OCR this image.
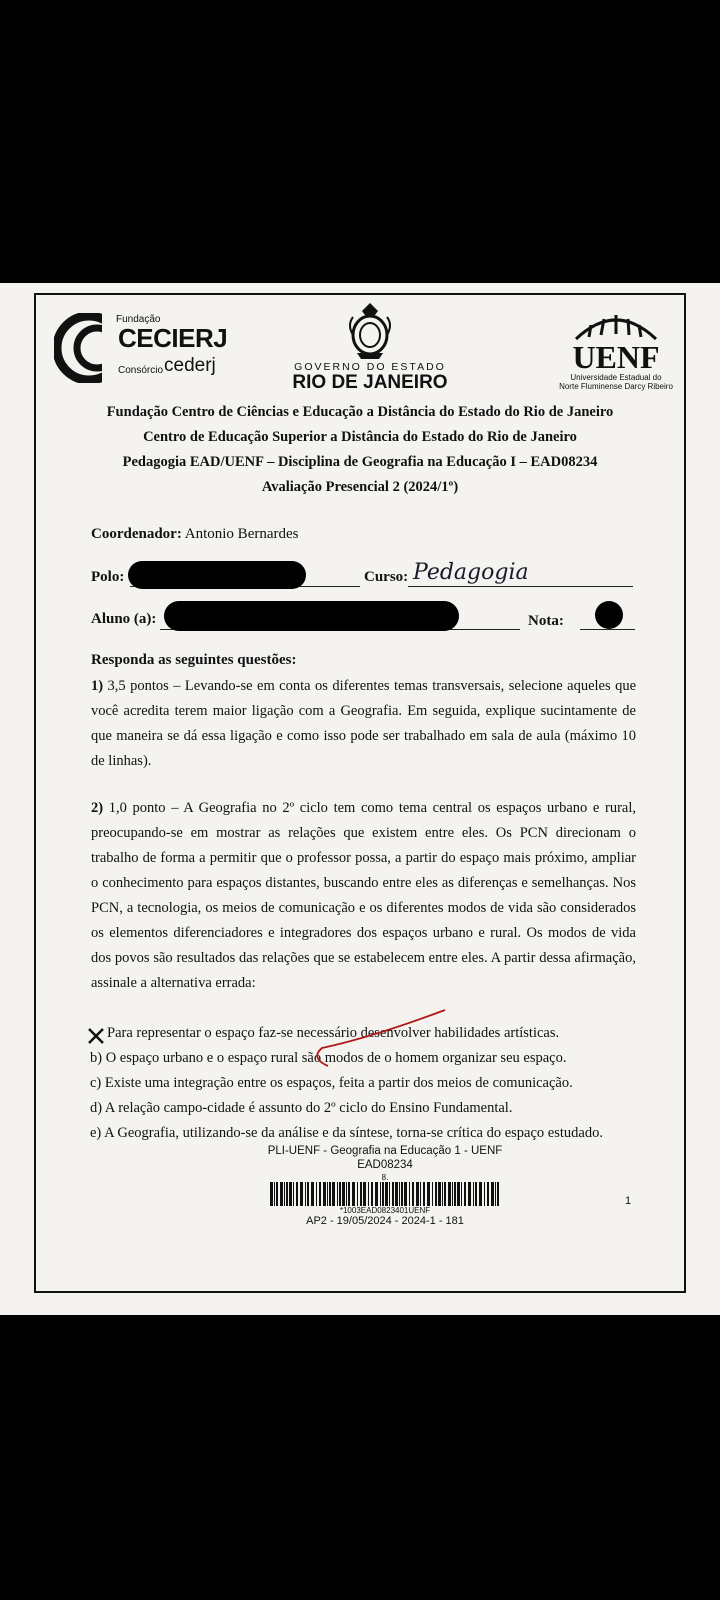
Fundação
CECIERJ
Consórcio cederj	GOVERNO DO ESTADO
RIO DE JANEIRO
UENF
Universidade Estadual do
Norte Fluminense Darcy Ribeiro
Fundação Centro de Ciências e Educação a Distância do Estado do Rio de Janeiro
Centro de Educação Superior a Distância do Estado do Rio de Janeiro
Pedagogia EAD/UENF – Disciplina de Geografia na Educação I – EAD08234
Avaliação Presencial 2 (2024/1º)
Coordenador: Antonio Bernardes
Polo:	Curso: Pedagogia
Aluno (a):	Nota:
Responda as seguintes questões:
1) 3,5 pontos – Levando-se em conta os diferentes temas transversais, selecione aqueles que você acredita terem maior ligação com a Geografia. Em seguida, explique sucintamente de que maneira se dá essa ligação e como isso pode ser trabalhado em sala de aula (máximo 10 de linhas).
2) 1,0 ponto – A Geografia no 2º ciclo tem como tema central os espaços urbano e rural, preocupando-se em mostrar as relações que existem entre eles. Os PCN direcionam o trabalho de forma a permitir que o professor possa, a partir do espaço mais próximo, ampliar o conhecimento para espaços distantes, buscando entre eles as diferenças e semelhanças. Nos PCN, a tecnologia, os meios de comunicação e os diferentes modos de vida são considerados os elementos diferenciadores e integradores dos espaços urbano e rural. Os modos de vida dos povos são resultados das relações que se estabelecem entre eles. A partir dessa afirmação, assinale a alternativa errada:
Para representar o espaço faz-se necessário desenvolver habilidades artísticas.
b) O espaço urbano e o espaço rural são modos de o homem organizar seu espaço.
c) Existe uma integração entre os espaços, feita a partir dos meios de comunicação.
d) A relação campo-cidade é assunto do 2º ciclo do Ensino Fundamental.
e) A Geografia, utilizando-se da análise e da síntese, torna-se crítica do espaço estudado.
PLI-UENF - Geografia na Educação 1 - UENF
EAD08234
8.
*1003EAD0823401UENF
AP2 - 19/05/2024 - 2024-1 - 181
1
